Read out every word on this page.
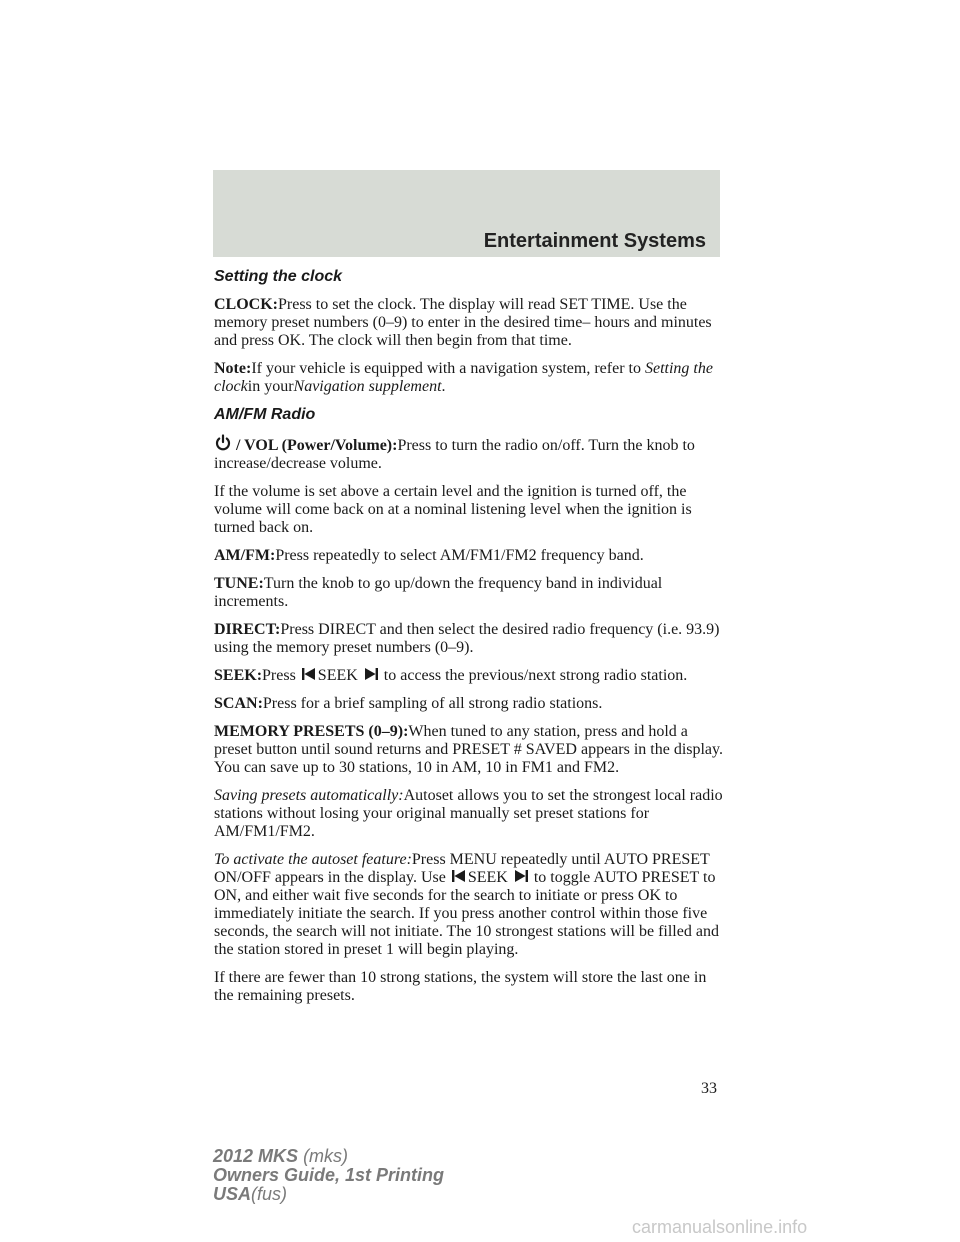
Entertainment Systems
Setting the clock

CLOCK:Press to set the clock. The display will read SET TIME. Use the memory preset numbers (0–9) to enter in the desired time– hours and minutes and press OK. The clock will then begin from that time.

Note:If your vehicle is equipped with a navigation system, refer to Setting the clockin yourNavigation supplement.

AM/FM Radio

/ VOL (Power/Volume):Press to turn the radio on/off. Turn the knob to increase/decrease volume.

If the volume is set above a certain level and the ignition is turned off, the volume will come back on at a nominal listening level when the ignition is turned back on.

AM/FM:Press repeatedly to select AM/FM1/FM2 frequency band.

TUNE:Turn the knob to go up/down the frequency band in individual increments.

DIRECT:Press DIRECT and then select the desired radio frequency (i.e. 93.9) using the memory preset numbers (0–9).

SEEK:Press SEEK to access the previous/next strong radio station.

SCAN:Press for a brief sampling of all strong radio stations.

MEMORY PRESETS (0–9):When tuned to any station, press and hold a preset button until sound returns and PRESET # SAVED appears in the display. You can save up to 30 stations, 10 in AM, 10 in FM1 and FM2.

Saving presets automatically:Autoset allows you to set the strongest local radio stations without losing your original manually set preset stations for AM/FM1/FM2.

To activate the autoset feature:Press MENU repeatedly until AUTO PRESET ON/OFF appears in the display. Use SEEK to toggle AUTO PRESET to ON, and either wait five seconds for the search to initiate or press OK to immediately initiate the search. If you press another control within those five seconds, the search will not initiate. The 10 strongest stations will be filled and the station stored in preset 1 will begin playing.

If there are fewer than 10 strong stations, the system will store the last one in the remaining presets.

33
2012 MKS (mks)
Owners Guide, 1st Printing
USA(fus)
carmanualsonline.info
